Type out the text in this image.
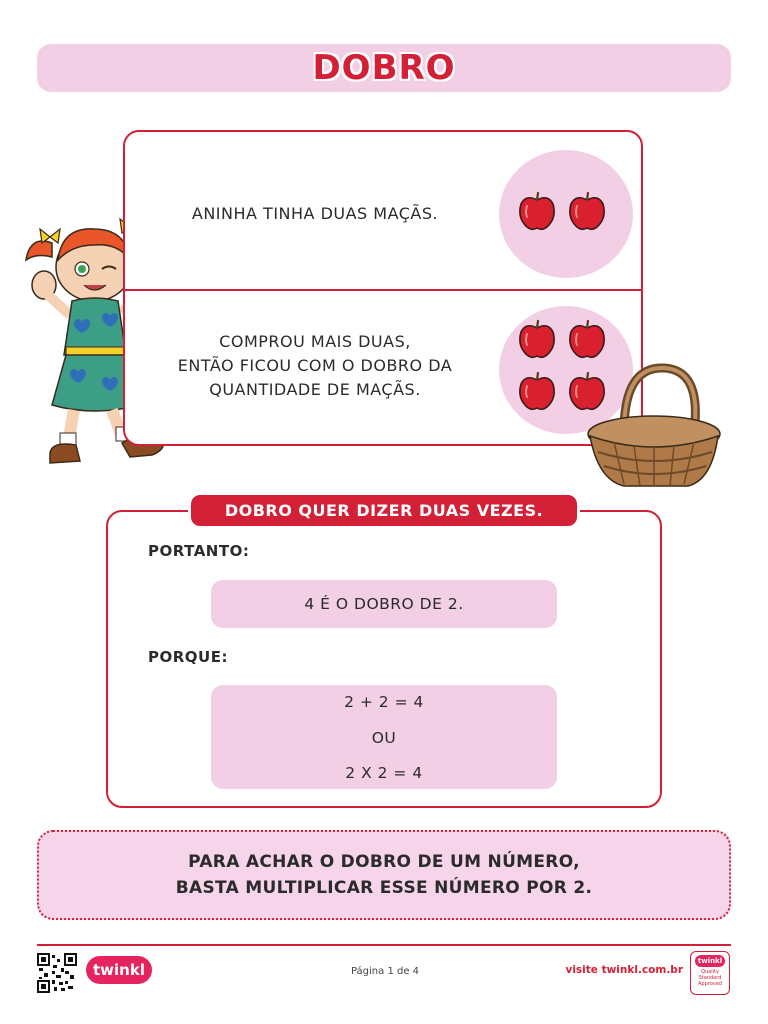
DOBRO
ANINHA TINHA DUAS MAÇÃS.
COMPROU MAIS DUAS,
ENTÃO FICOU COM O DOBRO DA
QUANTIDADE DE MAÇÃS.
DOBRO QUER DIZER DUAS VEZES.
PORTANTO:
4 É O DOBRO DE 2.
PORQUE:
2 + 2 = 4
OU
2 X 2 = 4
PARA ACHAR O DOBRO DE UM NÚMERO,
BASTA MULTIPLICAR ESSE NÚMERO POR 2.
twinkl	Página 1 de 4	visite twinkl.com.br
twinkl
Quality Standard Approved
